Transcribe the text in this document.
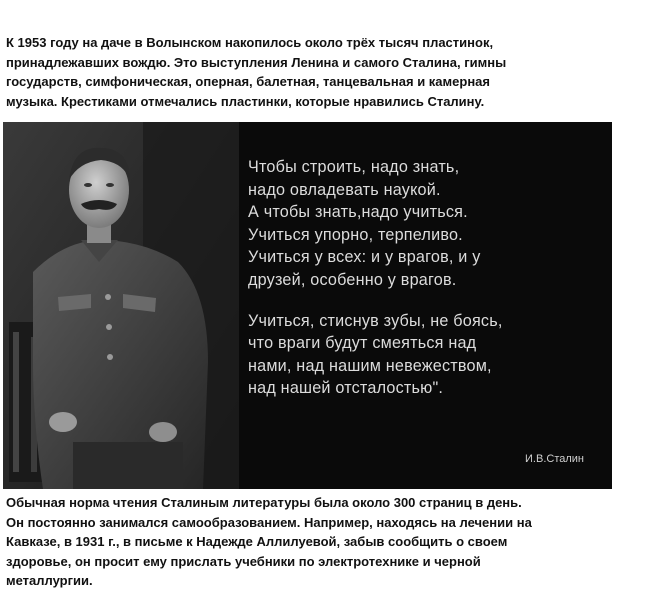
К 1953 году на даче в Волынском накопилось около трёх тысяч пластинок,

принадлежавших вождю. Это выступления Ленина и самого Сталина, гимны

государств, симфоническая, оперная, балетная, танцевальная и камерная

музыка. Крестиками отмечались пластинки, которые нравились Сталину.

Чтобы строить, надо знать,

надо овладевать наукой.

А чтобы знать,надо учиться.

Учиться упорно, терпеливо.

Учиться у всех: и у врагов, и у

друзей, особенно у врагов.

Учиться, стиснув зубы, не боясь,

что враги будут смеяться над

нами, над нашим невежеством,

над нашей отсталостью".

И.В.Сталин

Обычная норма чтения Сталиным литературы была около 300 страниц в день.

Он постоянно занимался самообразованием. Например, находясь на лечении на

Кавказе, в 1931 г., в письме к Надежде Аллилуевой, забыв сообщить о своем

здоровье, он просит ему прислать учебники по электротехнике и черной

металлургии.
